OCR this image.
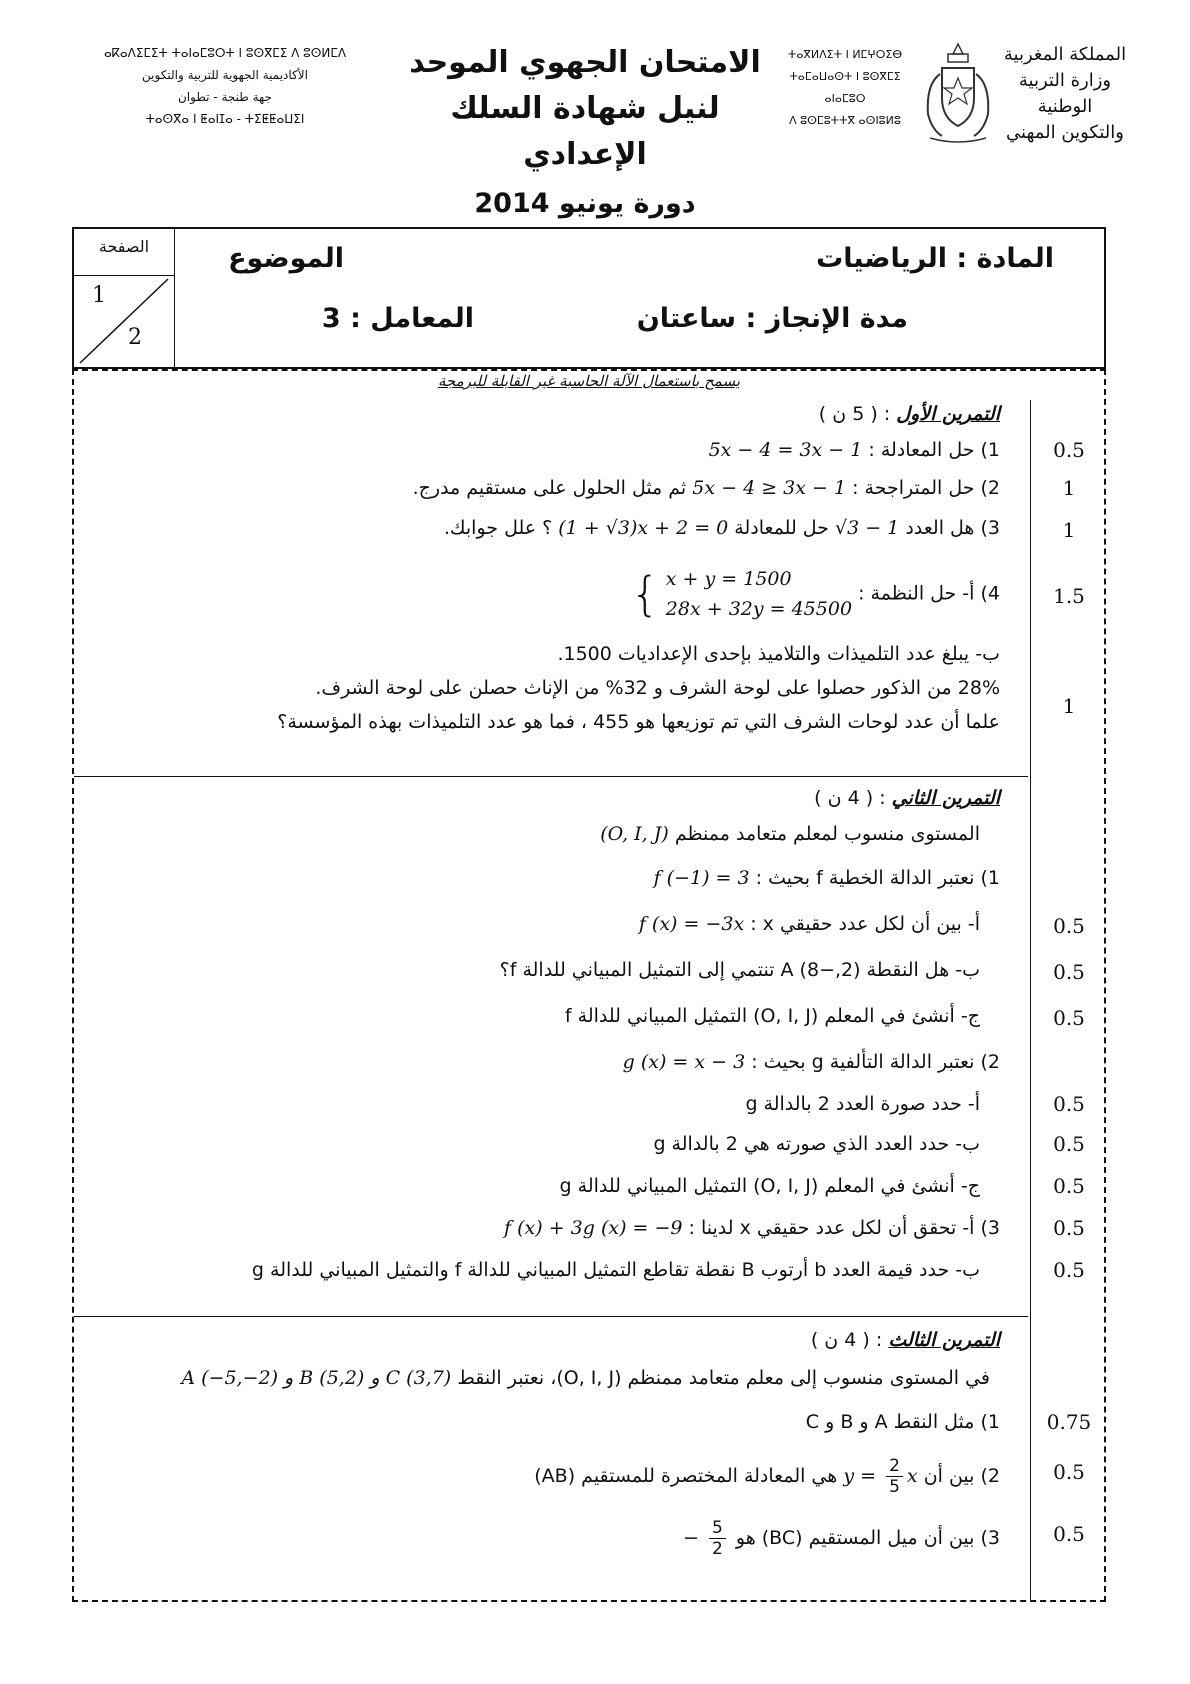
ⴰⴽⴰⴷⵉⵎⵉⵜ ⵜⴰⵏⴰⵎⵓⵔⵜ ⵏ ⵓⵙⴳⵎⵉ ⴷ ⵓⵙⵍⵎⴷ
الأكاديمية الجهوية للتربية والتكوين
جهة طنجة - تطوان
ⵜⴰⵙⴳⴰ ⵏ ⵟⴰⵏⵊⴰ - ⵜⵉⵟⵟⴰⵡⵉⵏ
الامتحان الجهوي الموحد
لنيل شهادة السلك الإعدادي
دورة يونيو 2014
ⵜⴰⴳⵍⴷⵉⵜ ⵏ ⵍⵎⵖⵔⵉⴱ
ⵜⴰⵎⴰⵡⴰⵙⵜ ⵏ ⵓⵙⴳⵎⵉ ⴰⵏⴰⵎⵓⵔ
ⴷ ⵓⵙⵎⵓⵜⵜⴳ ⴰⵙⵏⵓⵍⵓ
المملكة المغربية
وزارة التربية الوطنية
والتكوين المهني
الصفحة
1
2
المادة : الرياضيات
مدة الإنجاز : ساعتان
الموضوع
المعامل : 3
يسمح باستعمال الآلة الحاسبة غير القابلة للبرمجة
التمرين الأول : ( 5 ن )
1) حل المعادلة : 5x − 4 = 3x − 1	0.5
2) حل المتراجحة : 5x − 4 ≥ 3x − 1 ثم مثل الحلول على مستقيم مدرج.	1
3) هل العدد √3 − 1 حل للمعادلة (1 + √3)x + 2 = 0 ؟ علل جوابك.	1
4) أ- حل النظمة : { x + y = 1500
28x + 32y = 45500
1.5
ب- يبلغ عدد التلميذات والتلاميذ بإحدى الإعداديات 1500.
28% من الذكور حصلوا على لوحة الشرف و 32% من الإناث حصلن على لوحة الشرف.
علما أن عدد لوحات الشرف التي تم توزيعها هو 455 ، فما هو عدد التلميذات بهذه المؤسسة؟
1
التمرين الثاني : ( 4 ن )
المستوى منسوب لمعلم متعامد ممنظم (O, I, J)
1) نعتبر الدالة الخطية f بحيث : f (−1) = 3
أ- بين أن لكل عدد حقيقي x : f (x) = −3x	0.5
ب- هل النقطة (2,−8) A تنتمي إلى التمثيل المبياني للدالة f؟	0.5
ج- أنشئ في المعلم (O, I, J) التمثيل المبياني للدالة f	0.5
2) نعتبر الدالة التألفية g بحيث : g (x) = x − 3
أ- حدد صورة العدد 2 بالدالة g	0.5
ب- حدد العدد الذي صورته هي 2 بالدالة g	0.5
ج- أنشئ في المعلم (O, I, J) التمثيل المبياني للدالة g	0.5
3) أ- تحقق أن لكل عدد حقيقي x لدينا : f (x) + 3g (x) = −9	0.5
ب- حدد قيمة العدد b أرتوب B نقطة تقاطع التمثيل المبياني للدالة f والتمثيل المبياني للدالة g	0.5
التمرين الثالث : ( 4 ن )
في المستوى منسوب إلى معلم متعامد ممنظم (O, I, J)، نعتبر النقط A (−5,−2) و B (5,2) و C (3,7)
1) مثل النقط A و B و C	0.75
2) بين أن $y = \frac{2}{5}$ x هي المعادلة المختصرة للمستقيم (AB)	0.5
3) بين أن ميل المستقيم (BC) هو − $\frac{5}{2}$	0.5
